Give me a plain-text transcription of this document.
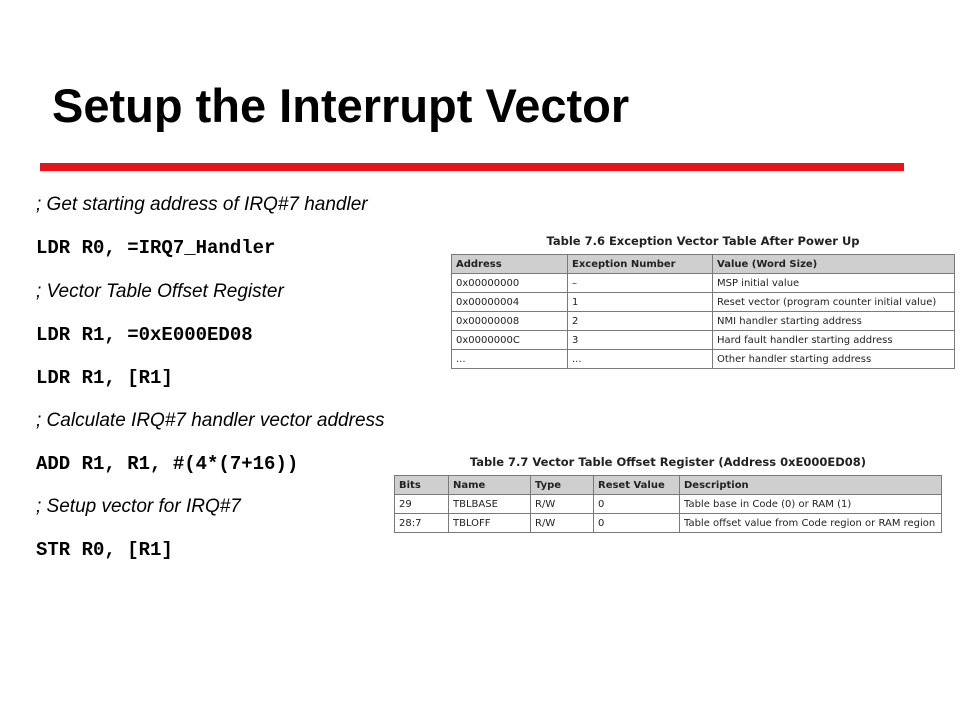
Setup the Interrupt Vector
; Get starting address of IRQ#7 handler
LDR R0, =IRQ7_Handler
; Vector Table Offset Register
LDR R1, =0xE000ED08
LDR R1, [R1]
; Calculate IRQ#7 handler vector address
ADD R1, R1, #(4*(7+16))
; Setup vector for IRQ#7
STR R0, [R1]
Table 7.6 Exception Vector Table After Power Up
Address	Exception Number	Value (Word Size)
0x00000000	–	MSP initial value
0x00000004	1	Reset vector (program counter initial value)
0x00000008	2	NMI handler starting address
0x0000000C	3	Hard fault handler starting address
...	...	Other handler starting address
Table 7.7 Vector Table Offset Register (Address 0xE000ED08)
Bits	Name	Type	Reset Value	Description
29	TBLBASE	R/W	0	Table base in Code (0) or RAM (1)
28:7	TBLOFF	R/W	0	Table offset value from Code region or RAM region
